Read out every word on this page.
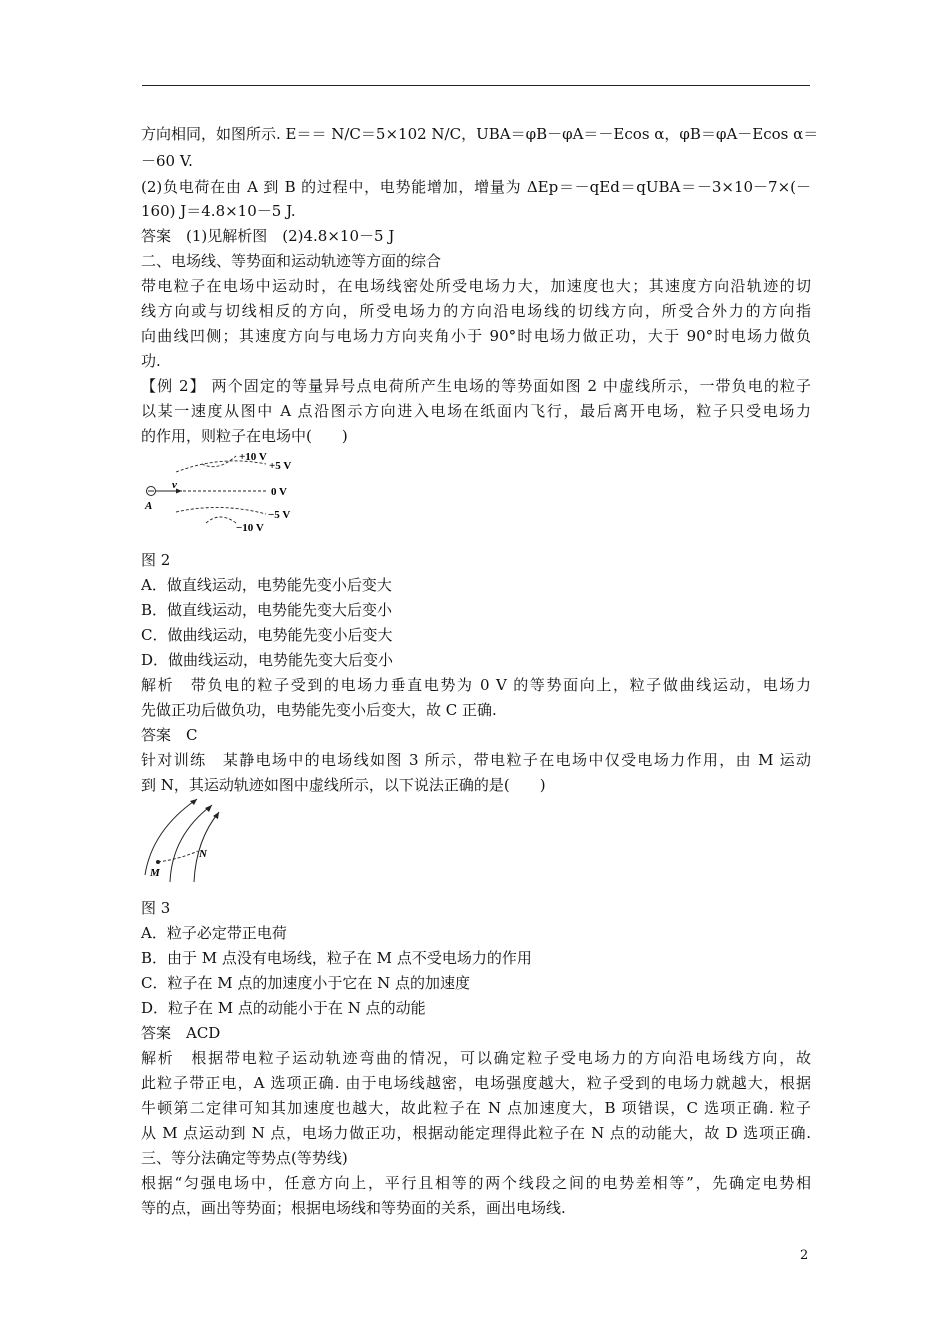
方向相同，如图所示. E＝＝ N/C＝5×102 N/C，UBA＝φB－φA＝－Ecos α，φB＝φA－Ecos α＝
－60 V.
(2)负电荷在由 A 到 B 的过程中，电势能增加，增量为 ΔEp＝－qEd＝qUBA＝－3×10－7×(－
160) J＝4.8×10－5 J.
答案　(1)见解析图　(2)4.8×10－5 J
二、电场线、等势面和运动轨迹等方面的综合
带电粒子在电场中运动时，在电场线密处所受电场力大，加速度也大；其速度方向沿轨迹的切
线方向或与切线相反的方向，所受电场力的方向沿电场线的切线方向，所受合外力的方向指
向曲线凹侧；其速度方向与电场力方向夹角小于 90°时电场力做正功，大于 90°时电场力做负
功.
【例 2】 两个固定的等量异号点电荷所产生电场的等势面如图 2 中虚线所示，一带负电的粒子
以某一速度从图中 A 点沿图示方向进入电场在纸面内飞行，最后离开电场，粒子只受电场力
的作用，则粒子在电场中(　　)
+10 V
+5 V
0 V
−5 V
−10 V
v
A
图 2
A．做直线运动，电势能先变小后变大
B．做直线运动，电势能先变大后变小
C．做曲线运动，电势能先变小后变大
D．做曲线运动，电势能先变大后变小
解析　带负电的粒子受到的电场力垂直电势为 0 V 的等势面向上，粒子做曲线运动，电场力
先做正功后做负功，电势能先变小后变大，故 C 正确.
答案　C
针对训练　某静电场中的电场线如图 3 所示，带电粒子在电场中仅受电场力作用，由 M 运动
到 N，其运动轨迹如图中虚线所示，以下说法正确的是(　　)
M
N
图 3
A．粒子必定带正电荷
B．由于 M 点没有电场线，粒子在 M 点不受电场力的作用
C．粒子在 M 点的加速度小于它在 N 点的加速度
D．粒子在 M 点的动能小于在 N 点的动能
答案　ACD
解析　根据带电粒子运动轨迹弯曲的情况，可以确定粒子受电场力的方向沿电场线方向，故
此粒子带正电，A 选项正确. 由于电场线越密，电场强度越大，粒子受到的电场力就越大，根据
牛顿第二定律可知其加速度也越大，故此粒子在 N 点加速度大，B 项错误，C 选项正确. 粒子
从 M 点运动到 N 点，电场力做正功，根据动能定理得此粒子在 N 点的动能大，故 D 选项正确.
三、等分法确定等势点(等势线)
根据“匀强电场中，任意方向上，平行且相等的两个线段之间的电势差相等”，先确定电势相
等的点，画出等势面；根据电场线和等势面的关系，画出电场线.
2
